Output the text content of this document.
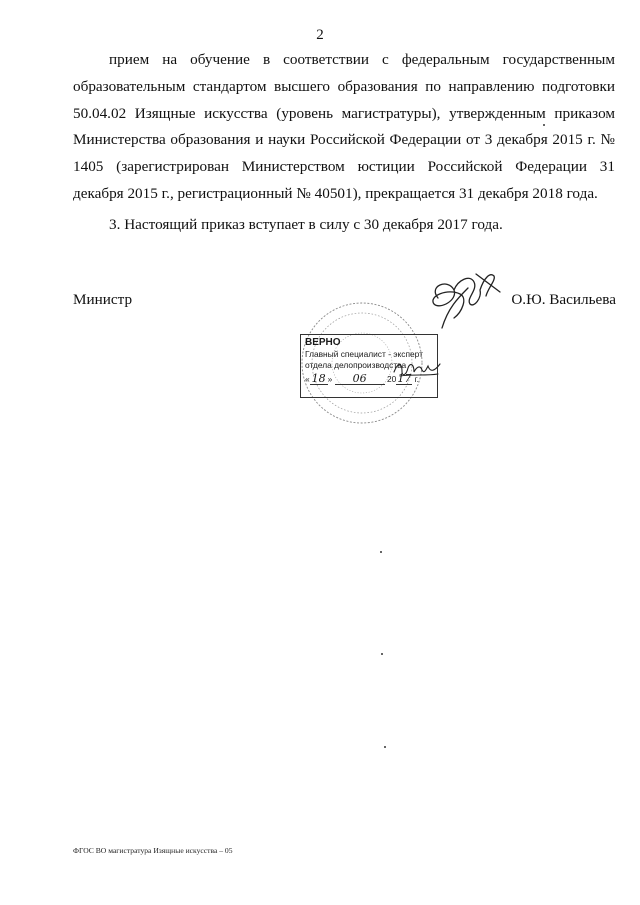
2

прием на обучение в соответствии с федеральным государственным образовательным стандартом высшего образования по направлению подготовки 50.04.02 Изящные искусства (уровень магистратуры), утвержденным приказом Министерства образования и науки Российской Федерации от 3 декабря 2015 г. № 1405 (зарегистрирован Министерством юстиции Российской Федерации 31 декабря 2015 г., регистрационный № 40501), прекращается 31 декабря 2018 года.

3. Настоящий приказ вступает в силу с 30 декабря 2017 года.

Министр	О.Ю. Васильева
ВЕРНО
Главный специалист - эксперт
отдела делопроизводства
« 18 » 06 2017 г.
ФГОС ВО магистратура Изящные искусства – 05
